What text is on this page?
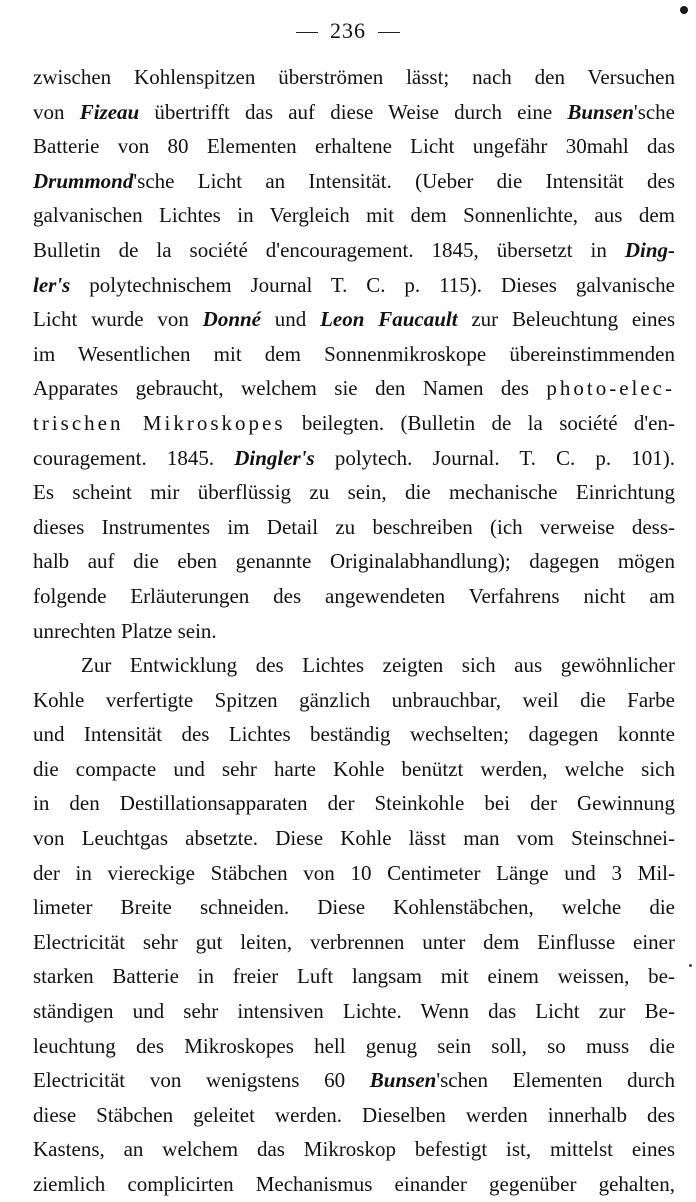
236
zwischen Kohlenspitzen überströmen lässt; nach den Versuchen
von Fizeau übertrifft das auf diese Weise durch eine Bunsen'sche
Batterie von 80 Elementen erhaltene Licht ungefähr 30mahl das
Drummond'sche Licht an Intensität. (Ueber die Intensität des
galvanischen Lichtes in Vergleich mit dem Sonnenlichte, aus dem
Bulletin de la société d'encouragement. 1845, übersetzt in Ding-
ler's polytechnischem Journal T. C. p. 115). Dieses galvanische
Licht wurde von Donné und Leon Faucault zur Beleuchtung eines
im Wesentlichen mit dem Sonnenmikroskope übereinstimmenden
Apparates gebraucht, welchem sie den Namen des photo-elec-
trischen Mikroskopes beilegten. (Bulletin de la société d'en-
couragement. 1845. Dingler's polytech. Journal. T. C. p. 101).
Es scheint mir überflüssig zu sein, die mechanische Einrichtung
dieses Instrumentes im Detail zu beschreiben (ich verweise dess-
halb auf die eben genannte Originalabhandlung); dagegen mögen
folgende Erläuterungen des angewendeten Verfahrens nicht am
unrechten Platze sein.
Zur Entwicklung des Lichtes zeigten sich aus gewöhnlicher
Kohle verfertigte Spitzen gänzlich unbrauchbar, weil die Farbe
und Intensität des Lichtes beständig wechselten; dagegen konnte
die compacte und sehr harte Kohle benützt werden, welche sich
in den Destillationsapparaten der Steinkohle bei der Gewinnung
von Leuchtgas absetzte. Diese Kohle lässt man vom Steinschnei-
der in viereckige Stäbchen von 10 Centimeter Länge und 3 Mil-
limeter Breite schneiden. Diese Kohlenstäbchen, welche die
Electricität sehr gut leiten, verbrennen unter dem Einflusse einer
starken Batterie in freier Luft langsam mit einem weissen, be-
ständigen und sehr intensiven Lichte. Wenn das Licht zur Be-
leuchtung des Mikroskopes hell genug sein soll, so muss die
Electricität von wenigstens 60 Bunsen'schen Elementen durch
diese Stäbchen geleitet werden. Dieselben werden innerhalb des
Kastens, an welchem das Mikroskop befestigt ist, mittelst eines
ziemlich complicirten Mechanismus einander gegenüber gehalten,
